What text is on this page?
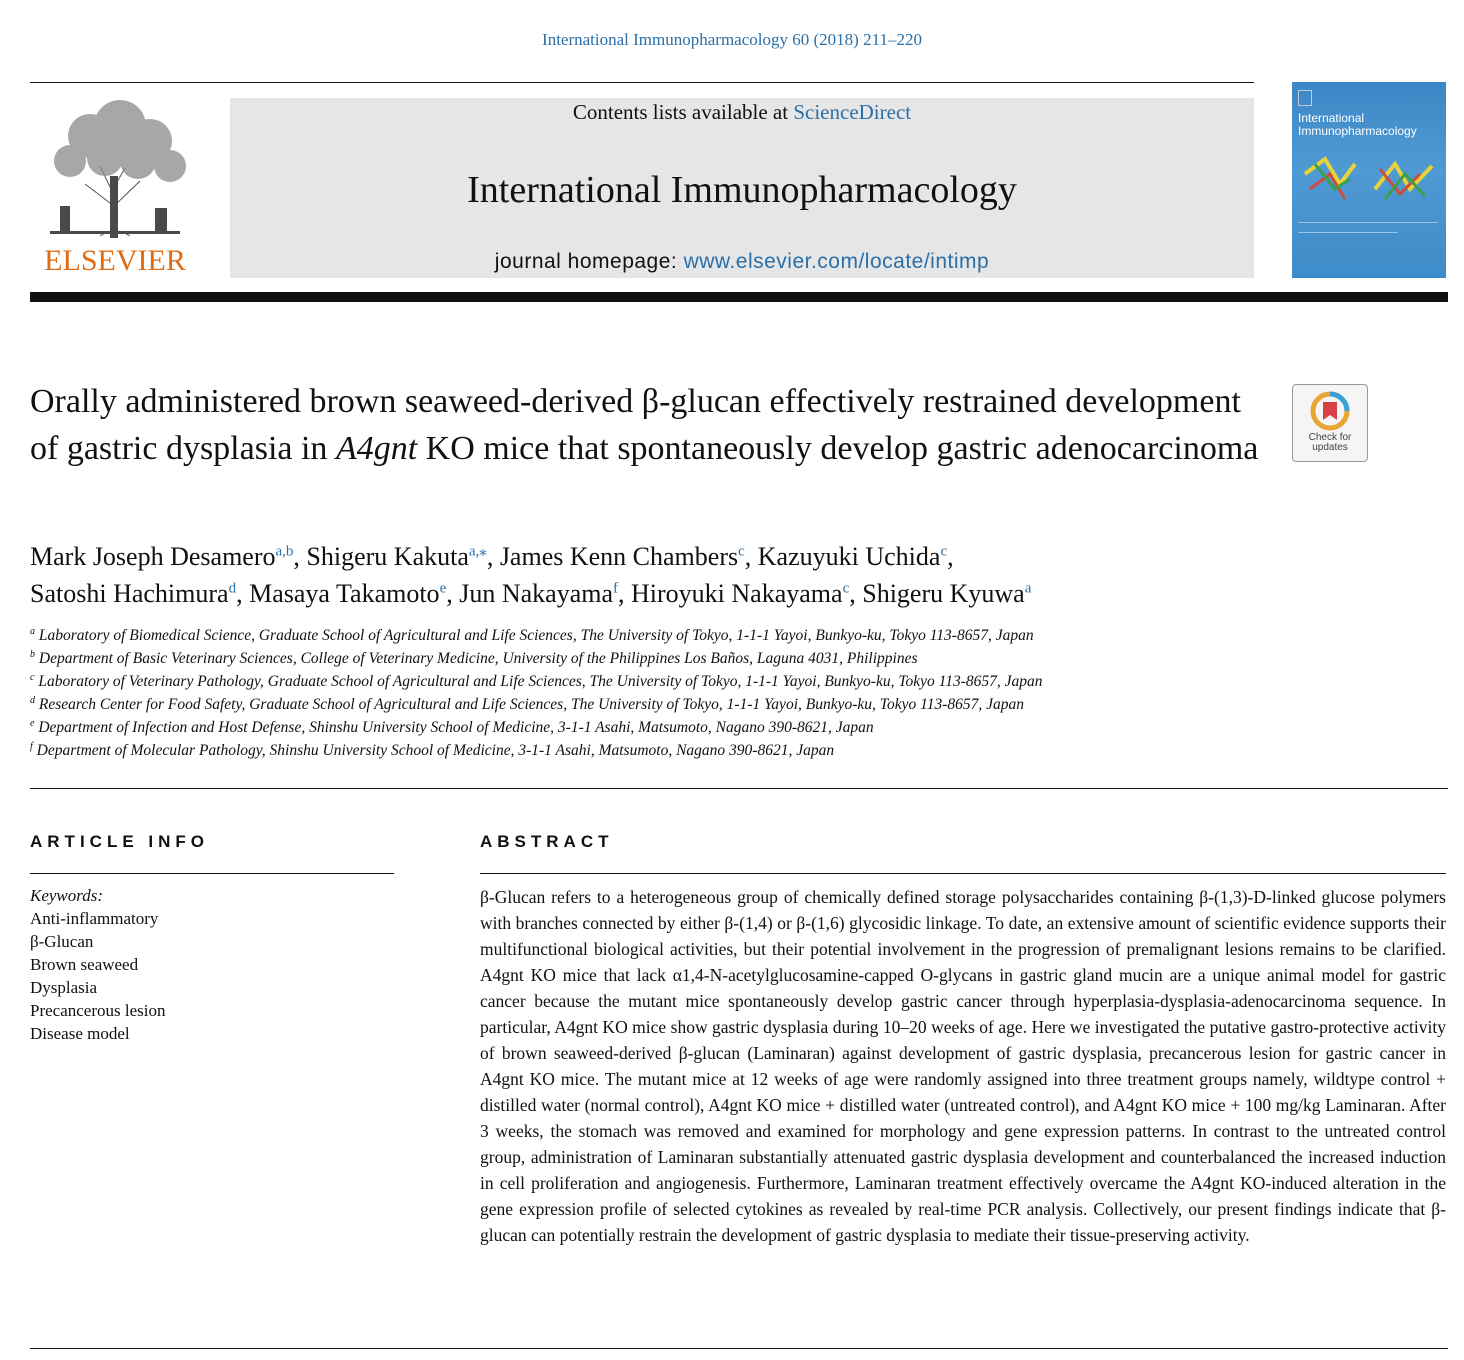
International Immunopharmacology 60 (2018) 211–220
ELSEVIER
Contents lists available at ScienceDirect
International Immunopharmacology
journal homepage: www.elsevier.com/locate/intimp
International Immunopharmacology
Orally administered brown seaweed-derived β-glucan effectively restrained development of gastric dysplasia in A4gnt KO mice that spontaneously develop gastric adenocarcinoma	Check for updates
Mark Joseph Desamero$^{a,b}$, Shigeru Kakuta$^{a,⁎}$, James Kenn Chambers$^c$, Kazuyuki Uchida$^c$,
Satoshi Hachimura$^d$, Masaya Takamoto$^e$, Jun Nakayama$^f$, Hiroyuki Nakayama$^c$, Shigeru Kyuwa$^a$
$^a$ Laboratory of Biomedical Science, Graduate School of Agricultural and Life Sciences, The University of Tokyo, 1-1-1 Yayoi, Bunkyo-ku, Tokyo 113-8657, Japan
$^b$ Department of Basic Veterinary Sciences, College of Veterinary Medicine, University of the Philippines Los Baños, Laguna 4031, Philippines
$^c$ Laboratory of Veterinary Pathology, Graduate School of Agricultural and Life Sciences, The University of Tokyo, 1-1-1 Yayoi, Bunkyo-ku, Tokyo 113-8657, Japan
$^d$ Research Center for Food Safety, Graduate School of Agricultural and Life Sciences, The University of Tokyo, 1-1-1 Yayoi, Bunkyo-ku, Tokyo 113-8657, Japan
$^e$ Department of Infection and Host Defense, Shinshu University School of Medicine, 3-1-1 Asahi, Matsumoto, Nagano 390-8621, Japan
$^f$ Department of Molecular Pathology, Shinshu University School of Medicine, 3-1-1 Asahi, Matsumoto, Nagano 390-8621, Japan
ARTICLE INFO
Keywords:
Anti-inflammatory
β-Glucan
Brown seaweed
Dysplasia
Precancerous lesion
Disease model
ABSTRACT

β-Glucan refers to a heterogeneous group of chemically defined storage polysaccharides containing β-(1,3)-D-linked glucose polymers with branches connected by either β-(1,4) or β-(1,6) glycosidic linkage. To date, an extensive amount of scientific evidence supports their multifunctional biological activities, but their potential involvement in the progression of premalignant lesions remains to be clarified. A4gnt KO mice that lack α1,4-N-acetylglucosamine-capped O-glycans in gastric gland mucin are a unique animal model for gastric cancer because the mutant mice spontaneously develop gastric cancer through hyperplasia-dysplasia-adenocarcinoma sequence. In particular, A4gnt KO mice show gastric dysplasia during 10–20 weeks of age. Here we investigated the putative gastro-protective activity of brown seaweed-derived β-glucan (Laminaran) against development of gastric dysplasia, precancerous lesion for gastric cancer in A4gnt KO mice. The mutant mice at 12 weeks of age were randomly assigned into three treatment groups namely, wildtype control + distilled water (normal control), A4gnt KO mice + distilled water (untreated control), and A4gnt KO mice + 100 mg/kg Laminaran. After 3 weeks, the stomach was removed and examined for morphology and gene expression patterns. In contrast to the untreated control group, administration of Laminaran substantially attenuated gastric dysplasia development and counterbalanced the increased induction in cell proliferation and angiogenesis. Furthermore, Laminaran treatment effectively overcame the A4gnt KO-induced alteration in the gene expression profile of selected cytokines as revealed by real-time PCR analysis. Collectively, our present findings indicate that β-glucan can potentially restrain the development of gastric dysplasia to mediate their tissue-preserving activity.
